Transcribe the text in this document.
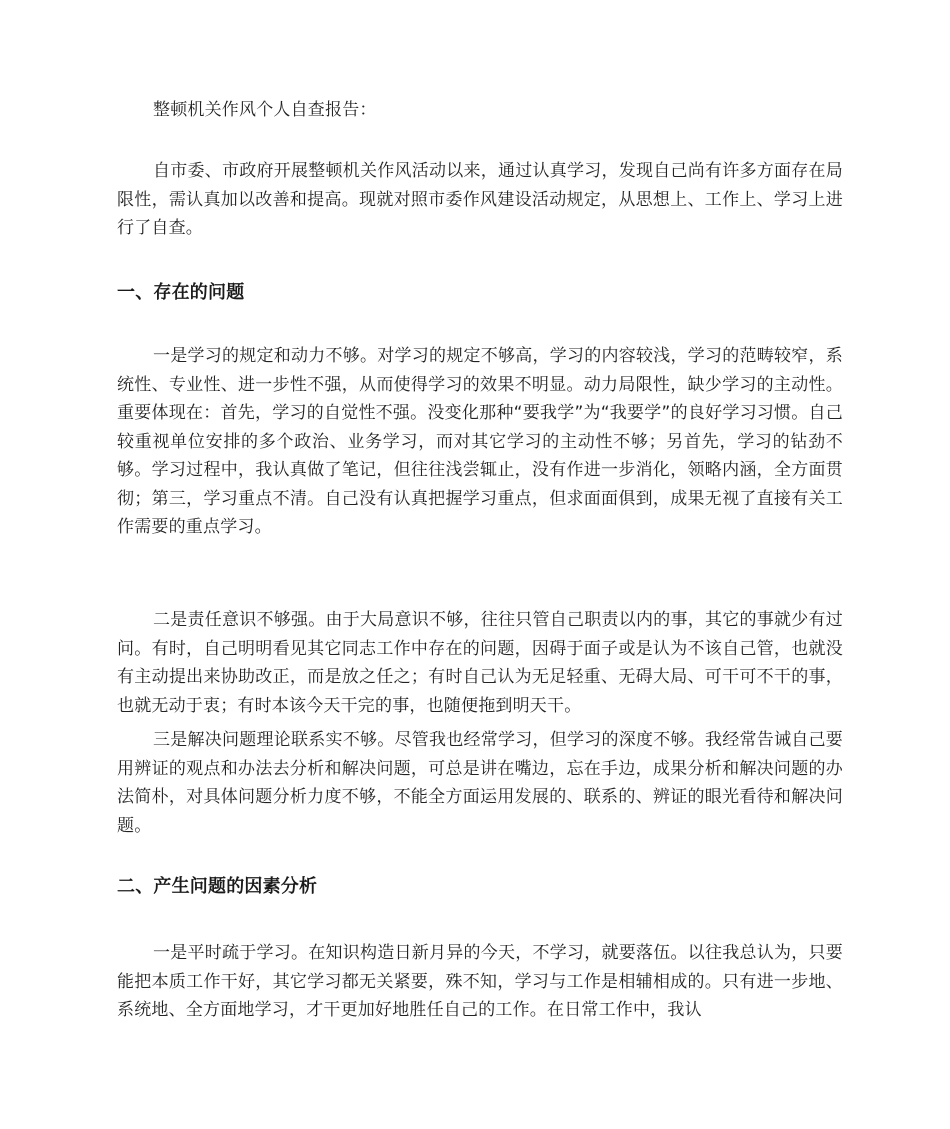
整顿机关作风个人自查报告：

自市委、市政府开展整顿机关作风活动以来，通过认真学习，发现自己尚有许多方面存在局限性，需认真加以改善和提高。现就对照市委作风建设活动规定，从思想上、工作上、学习上进行了自查。

一、存在的问题

一是学习的规定和动力不够。对学习的规定不够高，学习的内容较浅，学习的范畴较窄，系统性、专业性、进一步性不强，从而使得学习的效果不明显。动力局限性，缺少学习的主动性。重要体现在：首先，学习的自觉性不强。没变化那种“要我学”为“我要学”的良好学习习惯。自己较重视单位安排的多个政治、业务学习，而对其它学习的主动性不够；另首先，学习的钻劲不够。学习过程中，我认真做了笔记，但往往浅尝辄止，没有作进一步消化，领略内涵，全方面贯彻；第三，学习重点不清。自己没有认真把握学习重点，但求面面俱到，成果无视了直接有关工作需要的重点学习。

二是责任意识不够强。由于大局意识不够，往往只管自己职责以内的事，其它的事就少有过问。有时，自己明明看见其它同志工作中存在的问题，因碍于面子或是认为不该自己管，也就没有主动提出来协助改正，而是放之任之；有时自己认为无足轻重、无碍大局、可干可不干的事，也就无动于衷；有时本该今天干完的事，也随便拖到明天干。

三是解决问题理论联系实不够。尽管我也经常学习，但学习的深度不够。我经常告诫自己要用辨证的观点和办法去分析和解决问题，可总是讲在嘴边，忘在手边，成果分析和解决问题的办法简朴，对具体问题分析力度不够，不能全方面运用发展的、联系的、辨证的眼光看待和解决问题。

二、产生问题的因素分析

一是平时疏于学习。在知识构造日新月异的今天，不学习，就要落伍。以往我总认为，只要能把本质工作干好，其它学习都无关紧要，殊不知，学习与工作是相辅相成的。只有进一步地、系统地、全方面地学习，才干更加好地胜任自己的工作。在日常工作中，我认
